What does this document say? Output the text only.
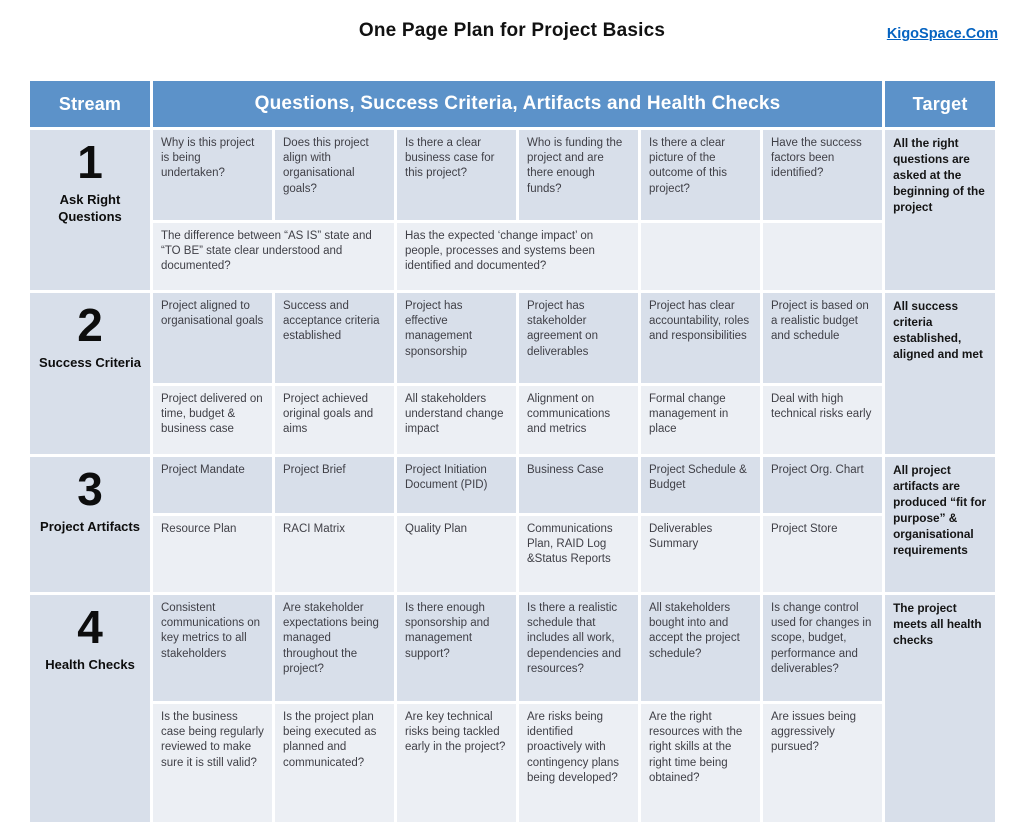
One Page Plan for Project Basics	KigoSpace.Com
Stream	Questions, Success Criteria, Artifacts and Health Checks						Target

1
Ask Right Questions	Why is this project is being undertaken?	Does this project align with organisational goals?	Is there a clear business case for this project?	Who is funding the project and are there enough funds?	Is there a clear picture of the outcome of this project?	Have the success factors been identified?	All the right questions are asked at the beginning of the project
	The difference between “AS IS” state and “TO BE” state clear understood and documented?		Has the expected ‘change impact’ on people, processes and systems been identified and documented?				

2
Success Criteria	Project aligned to organisational goals	Success and acceptance criteria established	Project has effective management sponsorship	Project has stakeholder agreement on deliverables	Project has clear accountability, roles and responsibilities	Project is based on a realistic budget and schedule	All success criteria established, aligned and met
	Project delivered on time, budget & business case	Project achieved original goals and aims	All stakeholders understand change impact	Alignment on communications and metrics	Formal change management in place	Deal with high technical risks early	

3
Project Artifacts	Project Mandate	Project Brief	Project Initiation Document (PID)	Business Case	Project Schedule & Budget	Project Org. Chart	All project artifacts are produced “fit for purpose” & organisational requirements
	Resource Plan	RACI Matrix	Quality Plan	Communications Plan, RAID Log &Status Reports	Deliverables Summary	Project Store	

4
Health Checks	Consistent communications on key metrics to all stakeholders	Are stakeholder expectations being managed throughout the project?	Is there enough sponsorship and management support?	Is there a realistic schedule that includes all work, dependencies and resources?	All stakeholders bought into and accept the project schedule?	Is change control used for changes in scope, budget, performance and deliverables?	The project meets all health checks
	Is the business case being regularly reviewed to make sure it is still valid?	Is the project plan being executed as planned and communicated?	Are key technical risks being tackled early in the project?	Are risks being identified proactively with contingency plans being developed?	Are the right resources with the right skills at the right time being obtained?	Are issues being aggressively pursued?	
